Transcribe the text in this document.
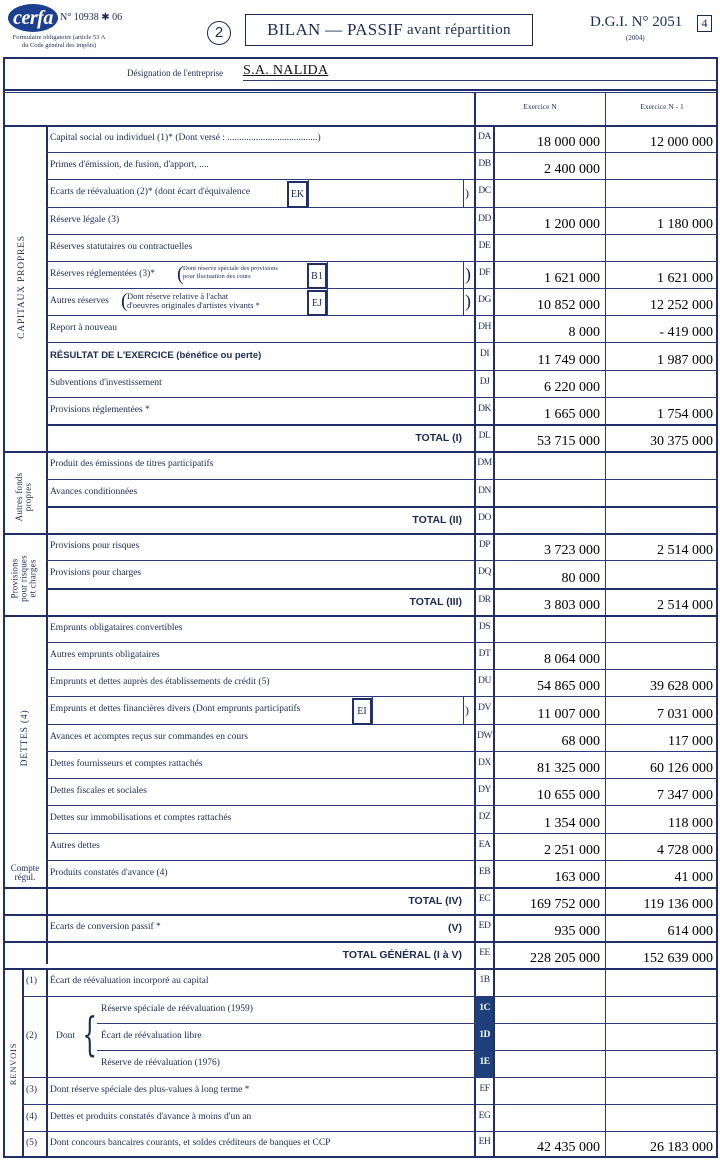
cerfa N° 10938 ✱ 06
Formulaire obligatoire (article 53 A
du Code général des impôts)
2	BILAN — PASSIF avant répartition	D.G.I. N° 2051
(2004)
4
Désignation de l'entreprise S.A. NALIDA
Exercice N	Exercice N - 1
Capital social ou individuel (1)* (Dont versé : ......................................)	DA	18 000 000	12 000 000
Primes d'émission, de fusion, d'apport, ....	DB	2 400 000
Ecarts de réévaluation (2)* (dont écart d'équivalence	EK	) DC
Réserve légale (3)	DD	1 200 000	1 180 000
Réserves statutaires ou contractuelles	DE
Réserves réglementées (3)* ( Dont réserve spéciale des provisions
pour fluctuation des cours	B1	) DF	1 621 000	1 621 000
Autres réserves ( Dont réserve relative à l'achat
d'oeuvres originales d'artistes vivants *	EJ	) DG	10 852 000	12 252 000
Report à nouveau	DH	8 000	- 419 000
RÉSULTAT DE L'EXERCICE (bénéfice ou perte)	DI	11 749 000	1 987 000
Subventions d'investissement	DJ	6 220 000
Provisions réglementées *	DK	1 665 000	1 754 000
TOTAL (I)	DL	53 715 000	30 375 000
Produit des émissions de titres participatifs	DM
Avances conditionnées	DN
TOTAL (II)	DO
Provisions pour risques	DP	3 723 000	2 514 000
Provisions pour charges	DQ	80 000
TOTAL (III)	DR	3 803 000	2 514 000
Emprunts obligataires convertibles	DS
Autres emprunts obligataires	DT	8 064 000
Emprunts et dettes auprès des établissements de crédit (5)	DU	54 865 000	39 628 000
Emprunts et dettes financières divers (Dont emprunts participatifs	EI	) DV	11 007 000	7 031 000
Avances et acomptes reçus sur commandes en cours	DW	68 000	117 000
Dettes fournisseurs et comptes rattachés	DX	81 325 000	60 126 000
Dettes fiscales et sociales	DY	10 655 000	7 347 000
Dettes sur immobilisations et comptes rattachés	DZ	1 354 000	118 000
Autres dettes	EA	2 251 000	4 728 000
Produits constatés d'avance (4)	EB	163 000	41 000
TOTAL (IV)	EC	169 752 000	119 136 000
Ecarts de conversion passif *	(V)	ED	935 000	614 000
TOTAL GÉNÉRAL (I à V)	EE	228 205 000	152 639 000
(1) Écart de réévaluation incorporé au capital	1B
(2) Dont { Réserve spéciale de réévaluation (1959)	1C
Écart de réévaluation libre	1D
Réserve de réévaluation (1976)	1E
(3) Dont réserve spéciale des plus-values à long terme *	EF
(4) Dettes et produits constatés d'avance à moins d'un an	EG
(5) Dont concours bancaires courants, et soldes créditeurs de banques et CCP	EH	42 435 000	26 183 000
CAPITAUX PROPRES
Autres fonds propres
Provisions pour risques et charges
DETTES (4)
Compte
régul.
RENVOIS
